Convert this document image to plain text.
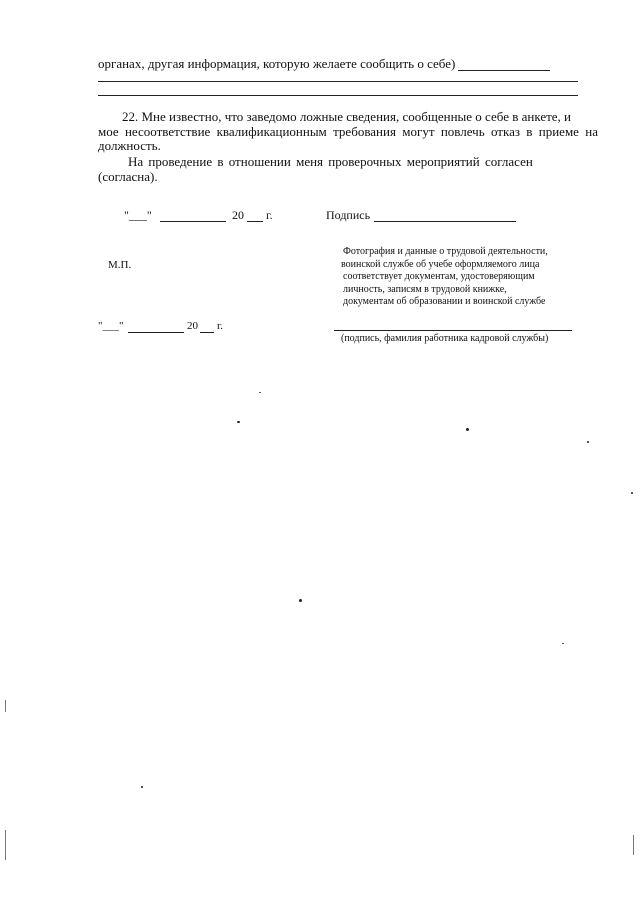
органах, другая информация, которую желаете сообщить о себе)
22. Мне известно, что заведомо ложные сведения, сообщенные о себе в анкете, и
мое несоответствие квалификационным требования могут повлечь отказ в приеме на
должность.
На проведение в отношении меня проверочных мероприятий согласен
(согласна).
"___"	20 г.	Подпись
М.П.
Фотография и данные о трудовой деятельности,
воинской службе об учебе оформляемого лица
соответствует документам, удостоверяющим
личность, записям в трудовой книжке,
документам об образовании и воинской службе
"___"	20 г.
(подпись, фамилия работника кадровой службы)
